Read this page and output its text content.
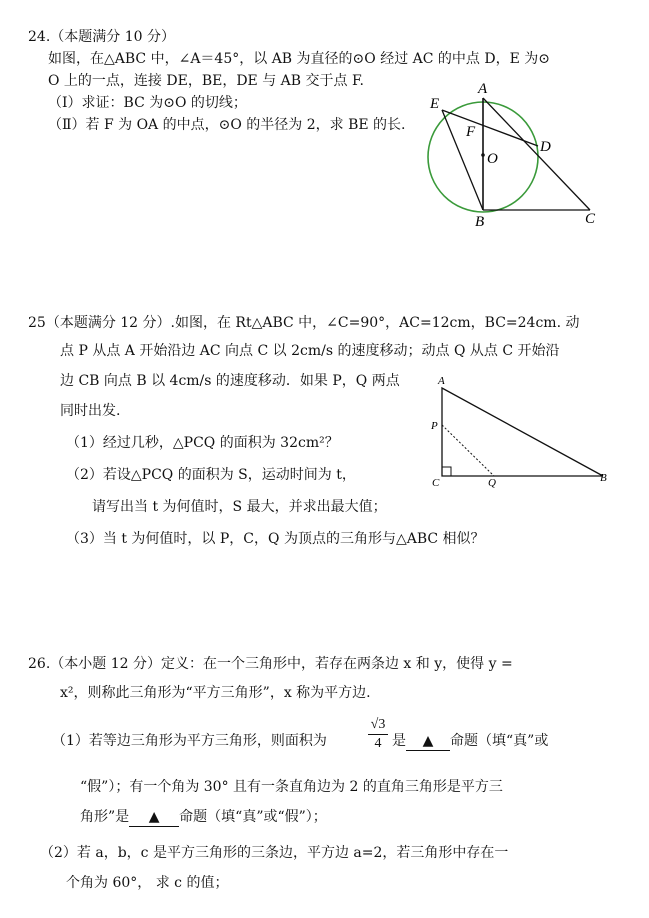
24.（本题满分 10 分）
如图，在△ABC 中，∠A＝45°，以 AB 为直径的⊙O 经过 AC 的中点 D，E 为⊙
O 上的一点，连接 DE，BE，DE 与 AB 交于点 F.
（Ⅰ）求证：BC 为⊙O 的切线；
（Ⅱ）若 F 为 OA 的中点，⊙O 的半径为 2，求 BE 的长.
A
E
F
O
D
B	C
25（本题满分 12 分）.如图，在 Rt△ABC 中，∠C=90°，AC=12cm，BC=24cm. 动
点 P 从点 A 开始沿边 AC 向点 C 以 2cm/s 的速度移动；动点 Q 从点 C 开始沿
边 CB 向点 B 以 4cm/s 的速度移动．如果 P，Q 两点
同时出发.
（1）经过几秒，△PCQ 的面积为 32cm²？
（2）若设△PCQ 的面积为 S，运动时间为 t，
请写出当 t 为何值时，S 最大，并求出最大值；
（3）当 t 为何值时，以 P，C，Q 为顶点的三角形与△ABC 相似？
A
P
C	Q	B
26.（本小题 12 分）定义：在一个三角形中，若存在两条边 x 和 y，使得 y =
x²，则称此三角形为“平方三角形”，x 称为平方边.
（1）若等边三角形为平方三角形，则面积为	$\frac{√3}{4}$ 是 ▲ 命题（填“真”或
“假”）；有一个角为 30° 且有一条直角边为 2 的直角三角形是平方三
角形”是 ▲ 命题（填“真”或“假”）；
（2）若 a，b，c 是平方三角形的三条边，平方边 a=2，若三角形中存在一
个角为 60°， 求 c 的值；
